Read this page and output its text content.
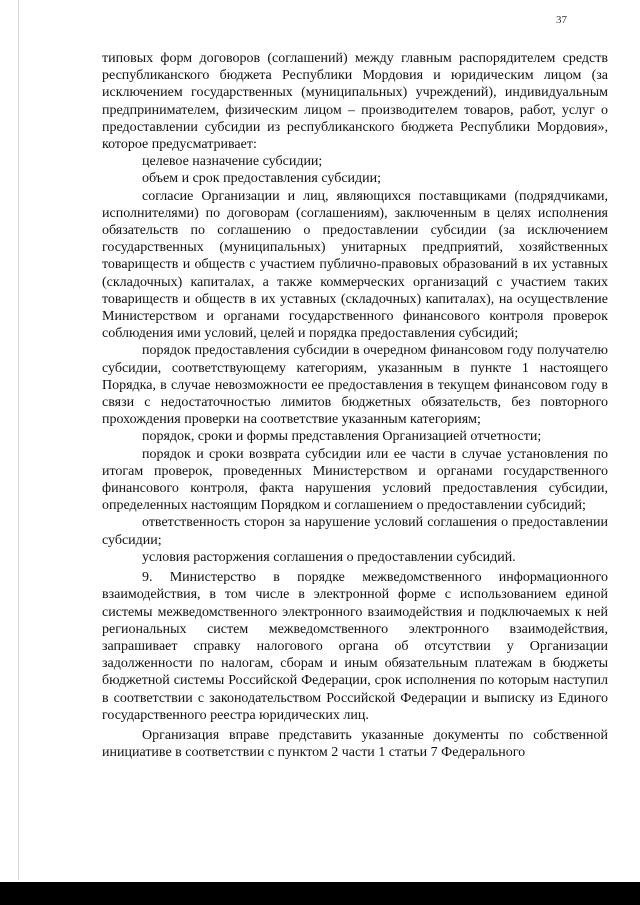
37

типовых форм договоров (соглашений) между главным распорядителем средств республиканского бюджета Республики Мордовия и юридическим лицом (за исключением государственных (муниципальных) учреждений), индивидуальным предпринимателем, физическим лицом – производителем товаров, работ, услуг о предоставлении субсидии из республиканского бюджета Республики Мордовия», которое предусматривает:

целевое назначение субсидии;

объем и срок предоставления субсидии;

согласие Организации и лиц, являющихся поставщиками (подрядчиками, исполнителями) по договорам (соглашениям), заключенным в целях исполнения обязательств по соглашению о предоставлении субсидии (за исключением государственных (муниципальных) унитарных предприятий, хозяйственных товариществ и обществ с участием публично-правовых образований в их уставных (складочных) капиталах, а также коммерческих организаций с участием таких товариществ и обществ в их уставных (складочных) капиталах), на осуществление Министерством и органами государственного финансового контроля проверок соблюдения ими условий, целей и порядка предоставления субсидий;

порядок предоставления субсидии в очередном финансовом году получателю субсидии, соответствующему категориям, указанным в пункте 1 настоящего Порядка, в случае невозможности ее предоставления в текущем финансовом году в связи с недостаточностью лимитов бюджетных обязательств, без повторного прохождения проверки на соответствие указанным категориям;

порядок, сроки и формы представления Организацией отчетности;

порядок и сроки возврата субсидии или ее части в случае установления по итогам проверок, проведенных Министерством и органами государственного финансового контроля, факта нарушения условий предоставления субсидии, определенных настоящим Порядком и соглашением о предоставлении субсидий;

ответственность сторон за нарушение условий соглашения о предоставлении субсидии;

условия расторжения соглашения о предоставлении субсидий.

9. Министерство в порядке межведомственного информационного взаимодействия, в том числе в электронной форме с использованием единой системы межведомственного электронного взаимодействия и подключаемых к ней региональных систем межведомственного электронного взаимодействия, запрашивает справку налогового органа об отсутствии у Организации задолженности по налогам, сборам и иным обязательным платежам в бюджеты бюджетной системы Российской Федерации, срок исполнения по которым наступил в соответствии с законодательством Российской Федерации и выписку из Единого государственного реестра юридических лиц.

Организация вправе представить указанные документы по собственной инициативе в соответствии с пунктом 2 части 1 статьи 7 Федерального
